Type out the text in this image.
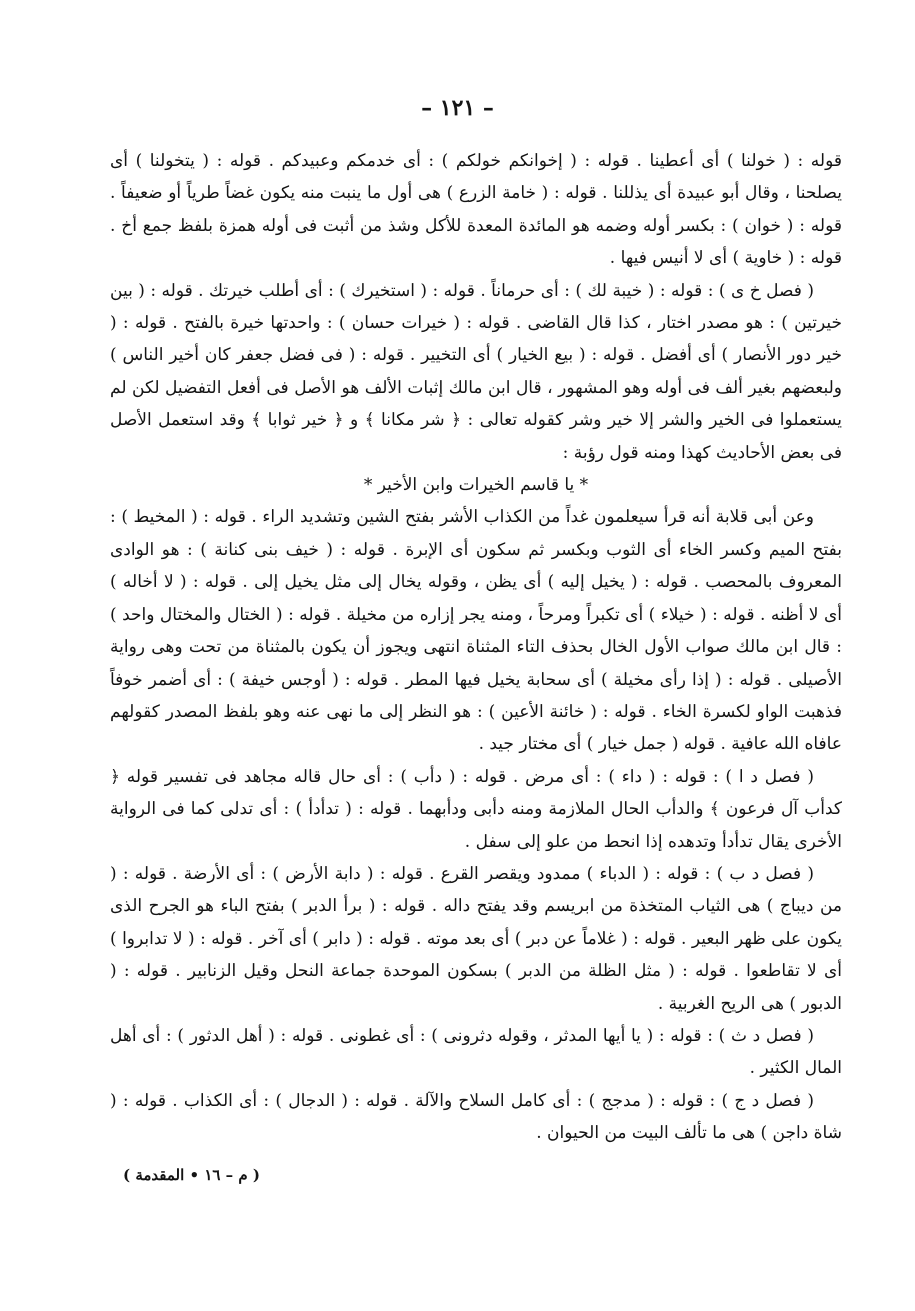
– ١٢١ –

قوله : ( خولنا ) أى أعطينا . قوله : ( إخوانكم خولكم ) : أى خدمكم وعبيدكم . قوله : ( يتخولنا ) أى يصلحنا ، وقال أبو عبيدة أى يذللنا . قوله : ( خامة الزرع ) هى أول ما ينبت منه يكون غضاً طرياً أو ضعيفاً . قوله : ( خوان ) : بكسر أوله وضمه هو المائدة المعدة للأكل وشذ من أثبت فى أوله همزة بلفظ جمع أخ . قوله : ( خاوية ) أى لا أنيس فيها .

( فصل خ ى ) : قوله : ( خيبة لك ) : أى حرماناً . قوله : ( استخيرك ) : أى أطلب خيرتك . قوله : ( بين خيرتين ) : هو مصدر اختار ، كذا قال القاضى . قوله : ( خيرات حسان ) : واحدتها خيرة بالفتح . قوله : ( خير دور الأنصار ) أى أفضل . قوله : ( بيع الخيار ) أى التخيير . قوله : ( فى فضل جعفر كان أخير الناس ) ولبعضهم بغير ألف فى أوله وهو المشهور ، قال ابن مالك إثبات الألف هو الأصل فى أفعل التفضيل لكن لم يستعملوا فى الخير والشر إلا خير وشر كقوله تعالى : ﴿ شر مكانا ﴾ و ﴿ خير ثوابا ﴾ وقد استعمل الأصل فى بعض الأحاديث كهذا ومنه قول رؤبة :

* يا قاسم الخيرات وابن الأخير *

وعن أبى قلابة أنه قرأ سيعلمون غداً من الكذاب الأشر بفتح الشين وتشديد الراء . قوله : ( المخيط ) : بفتح الميم وكسر الخاء أى الثوب وبكسر ثم سكون أى الإبرة . قوله : ( خيف بنى كنانة ) : هو الوادى المعروف بالمحصب . قوله : ( يخيل إليه ) أى يظن ، وقوله يخال إلى مثل يخيل إلى . قوله : ( لا أخاله ) أى لا أظنه . قوله : ( خيلاء ) أى تكبراً ومرحاً ، ومنه يجر إزاره من مخيلة . قوله : ( الختال والمختال واحد ) : قال ابن مالك صواب الأول الخال بحذف التاء المثناة انتهى ويجوز أن يكون بالمثناة من تحت وهى رواية الأصيلى . قوله : ( إذا رأى مخيلة ) أى سحابة يخيل فيها المطر . قوله : ( أوجس خيفة ) : أى أضمر خوفاً فذهبت الواو لكسرة الخاء . قوله : ( خائنة الأعين ) : هو النظر إلى ما نهى عنه وهو بلفظ المصدر كقولهم عافاه الله عافية . قوله ( جمل خيار ) أى مختار جيد .

( فصل د ا ) : قوله : ( داء ) : أى مرض . قوله : ( دأب ) : أى حال قاله مجاهد فى تفسير قوله ﴿ كدأب آل فرعون ﴾ والدأب الحال الملازمة ومنه دأبى ودأبهما . قوله : ( تدأدأ ) : أى تدلى كما فى الرواية الأخرى يقال تدأدأ وتدهده إذا انحط من علو إلى سفل .

( فصل د ب ) : قوله : ( الدباء ) ممدود ويقصر القرع . قوله : ( دابة الأرض ) : أى الأرضة . قوله : ( من ديباج ) هى الثياب المتخذة من ابريسم وقد يفتح داله . قوله : ( برأ الدبر ) بفتح الباء هو الجرح الذى يكون على ظهر البعير . قوله : ( غلاماً عن دبر ) أى بعد موته . قوله : ( دابر ) أى آخر . قوله : ( لا تدابروا ) أى لا تقاطعوا . قوله : ( مثل الظلة من الدبر ) بسكون الموحدة جماعة النحل وقيل الزنابير . قوله : ( الدبور ) هى الريح الغربية .

( فصل د ث ) : قوله : ( يا أيها المدثر ، وقوله دثرونى ) : أى غطونى . قوله : ( أهل الدثور ) : أى أهل المال الكثير .

( فصل د ج ) : قوله : ( مدجج ) : أى كامل السلاح والآلة . قوله : ( الدجال ) : أى الكذاب . قوله : ( شاة داجن ) هى ما تألف البيت من الحيوان .

( م – ١٦ • المقدمة )
